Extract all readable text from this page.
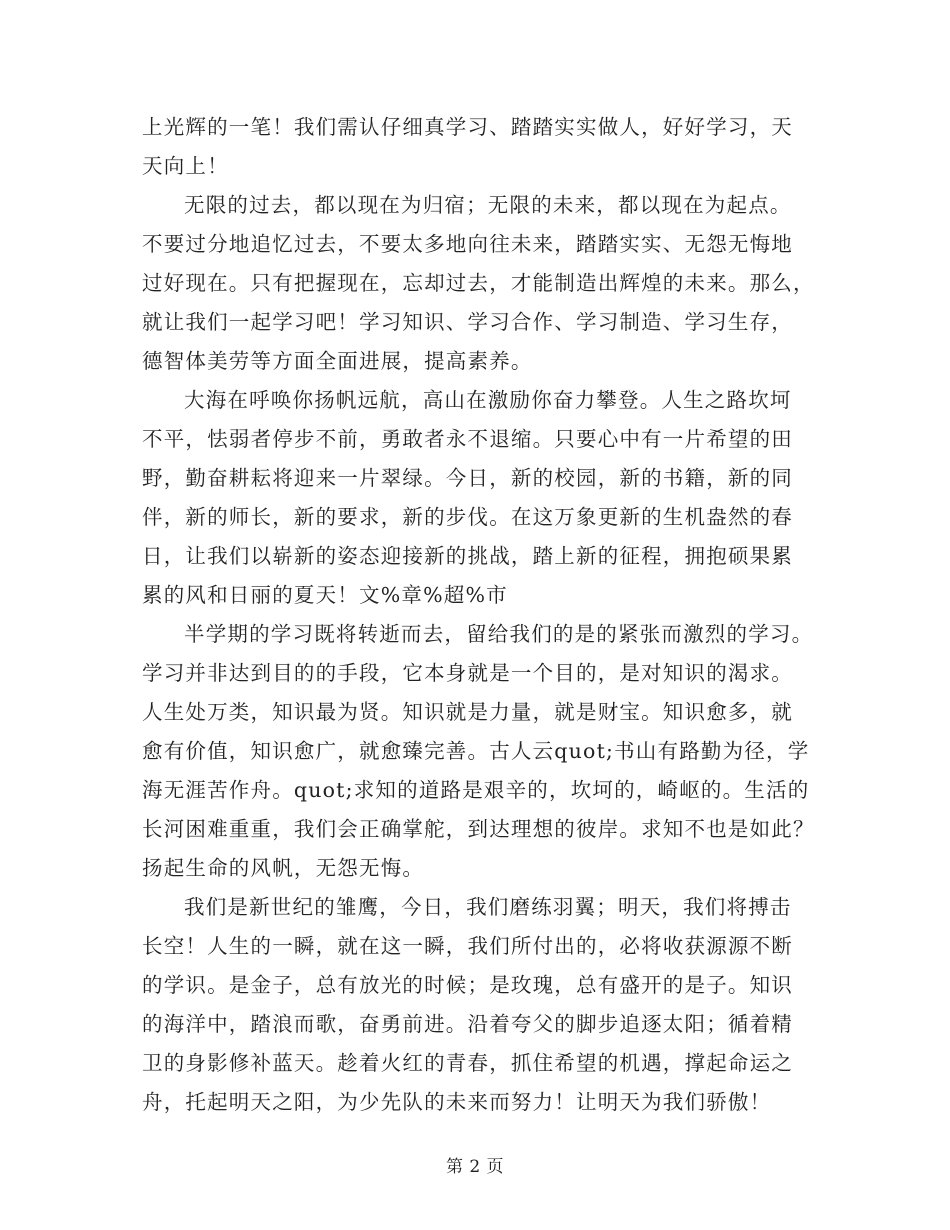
上光辉的一笔！我们需认仔细真学习、踏踏实实做人，好好学习，天
天向上！
无限的过去，都以现在为归宿；无限的未来，都以现在为起点。
不要过分地追忆过去，不要太多地向往未来，踏踏实实、无怨无悔地
过好现在。只有把握现在，忘却过去，才能制造出辉煌的未来。那么，
就让我们一起学习吧！学习知识、学习合作、学习制造、学习生存，
德智体美劳等方面全面进展，提高素养。
大海在呼唤你扬帆远航，高山在激励你奋力攀登。人生之路坎坷
不平，怯弱者停步不前，勇敢者永不退缩。只要心中有一片希望的田
野，勤奋耕耘将迎来一片翠绿。今日，新的校园，新的书籍，新的同
伴，新的师长，新的要求，新的步伐。在这万象更新的生机盎然的春
日，让我们以崭新的姿态迎接新的挑战，踏上新的征程，拥抱硕果累
累的风和日丽的夏天！文%章%超%市
半学期的学习既将转逝而去，留给我们的是的紧张而激烈的学习。
学习并非达到目的的手段，它本身就是一个目的，是对知识的渴求。
人生处万类，知识最为贤。知识就是力量，就是财宝。知识愈多，就
愈有价值，知识愈广，就愈臻完善。古人云quot;书山有路勤为径，学
海无涯苦作舟。quot;求知的道路是艰辛的，坎坷的，崎岖的。生活的
长河困难重重，我们会正确掌舵，到达理想的彼岸。求知不也是如此？
扬起生命的风帆，无怨无悔。
我们是新世纪的雏鹰，今日，我们磨练羽翼；明天，我们将搏击
长空！人生的一瞬，就在这一瞬，我们所付出的，必将收获源源不断
的学识。是金子，总有放光的时候；是玫瑰，总有盛开的是子。知识
的海洋中，踏浪而歌，奋勇前进。沿着夸父的脚步追逐太阳；循着精
卫的身影修补蓝天。趁着火红的青春，抓住希望的机遇，撑起命运之
舟，托起明天之阳，为少先队的未来而努力！让明天为我们骄傲！
第 2 页
